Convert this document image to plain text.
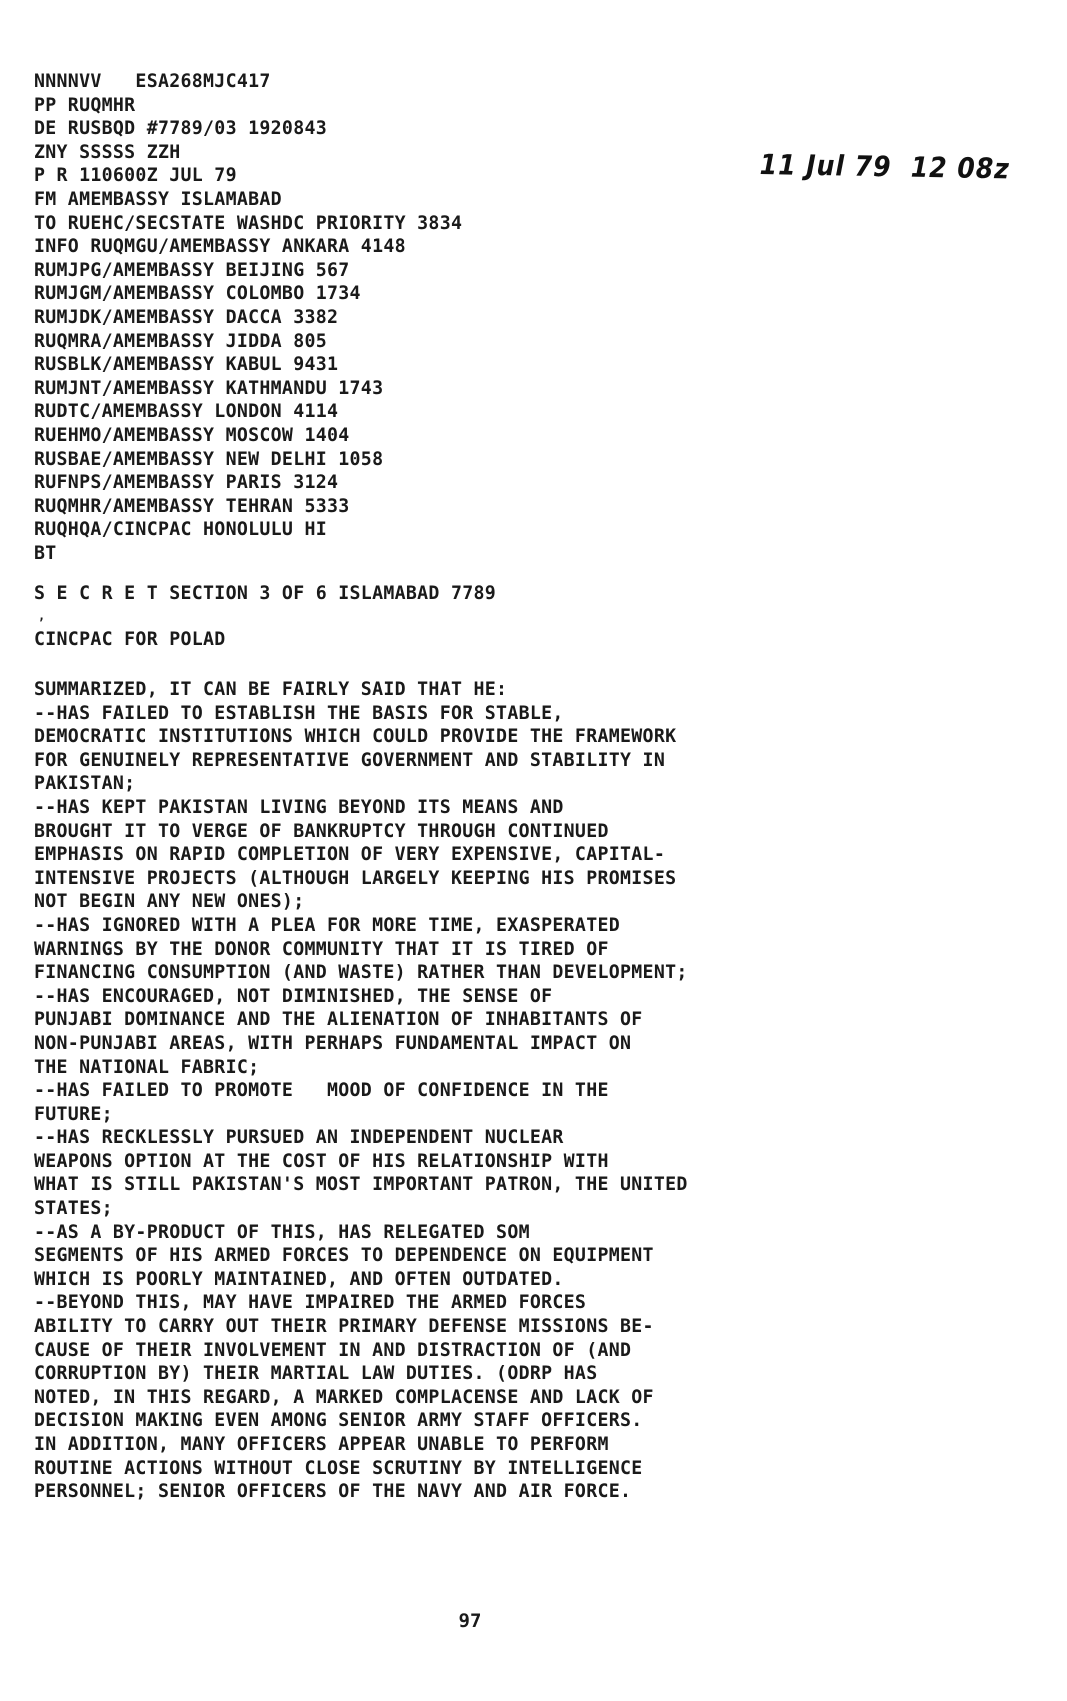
NNNNVV   ESA268MJC417
PP RUQMHR
DE RUSBQD #7789/03 1920843
ZNY SSSSS ZZH
P R 110600Z JUL 79
FM AMEMBASSY ISLAMABAD
TO RUEHC/SECSTATE WASHDC PRIORITY 3834
INFO RUQMGU/AMEMBASSY ANKARA 4148
RUMJPG/AMEMBASSY BEIJING 567
RUMJGM/AMEMBASSY COLOMBO 1734
RUMJDK/AMEMBASSY DACCA 3382
RUQMRA/AMEMBASSY JIDDA 805
RUSBLK/AMEMBASSY KABUL 9431
RUMJNT/AMEMBASSY KATHMANDU 1743
RUDTC/AMEMBASSY LONDON 4114
RUEHMO/AMEMBASSY MOSCOW 1404
RUSBAE/AMEMBASSY NEW DELHI 1058
RUFNPS/AMEMBASSY PARIS 3124
RUQMHR/AMEMBASSY TEHRAN 5333
RUQHQA/CINCPAC HONOLULU HI
BT
11 Jul 79  12 08z
S E C R E T SECTION 3 OF 6 ISLAMABAD 7789
,
CINCPAC FOR POLAD
SUMMARIZED, IT CAN BE FAIRLY SAID THAT HE:
--HAS FAILED TO ESTABLISH THE BASIS FOR STABLE,
DEMOCRATIC INSTITUTIONS WHICH COULD PROVIDE THE FRAMEWORK
FOR GENUINELY REPRESENTATIVE GOVERNMENT AND STABILITY IN
PAKISTAN;
--HAS KEPT PAKISTAN LIVING BEYOND ITS MEANS AND
BROUGHT IT TO VERGE OF BANKRUPTCY THROUGH CONTINUED
EMPHASIS ON RAPID COMPLETION OF VERY EXPENSIVE, CAPITAL-
INTENSIVE PROJECTS (ALTHOUGH LARGELY KEEPING HIS PROMISES
NOT BEGIN ANY NEW ONES);
--HAS IGNORED WITH A PLEA FOR MORE TIME, EXASPERATED
WARNINGS BY THE DONOR COMMUNITY THAT IT IS TIRED OF
FINANCING CONSUMPTION (AND WASTE) RATHER THAN DEVELOPMENT;
--HAS ENCOURAGED, NOT DIMINISHED, THE SENSE OF
PUNJABI DOMINANCE AND THE ALIENATION OF INHABITANTS OF
NON-PUNJABI AREAS, WITH PERHAPS FUNDAMENTAL IMPACT ON
THE NATIONAL FABRIC;
--HAS FAILED TO PROMOTE   MOOD OF CONFIDENCE IN THE
FUTURE;
--HAS RECKLESSLY PURSUED AN INDEPENDENT NUCLEAR
WEAPONS OPTION AT THE COST OF HIS RELATIONSHIP WITH
WHAT IS STILL PAKISTAN'S MOST IMPORTANT PATRON, THE UNITED
STATES;
--AS A BY-PRODUCT OF THIS, HAS RELEGATED SOM
SEGMENTS OF HIS ARMED FORCES TO DEPENDENCE ON EQUIPMENT
WHICH IS POORLY MAINTAINED, AND OFTEN OUTDATED.
--BEYOND THIS, MAY HAVE IMPAIRED THE ARMED FORCES
ABILITY TO CARRY OUT THEIR PRIMARY DEFENSE MISSIONS BE-
CAUSE OF THEIR INVOLVEMENT IN AND DISTRACTION OF (AND
CORRUPTION BY) THEIR MARTIAL LAW DUTIES. (ODRP HAS
NOTED, IN THIS REGARD, A MARKED COMPLACENSE AND LACK OF
DECISION MAKING EVEN AMONG SENIOR ARMY STAFF OFFICERS.
IN ADDITION, MANY OFFICERS APPEAR UNABLE TO PERFORM
ROUTINE ACTIONS WITHOUT CLOSE SCRUTINY BY INTELLIGENCE
PERSONNEL; SENIOR OFFICERS OF THE NAVY AND AIR FORCE.
97
